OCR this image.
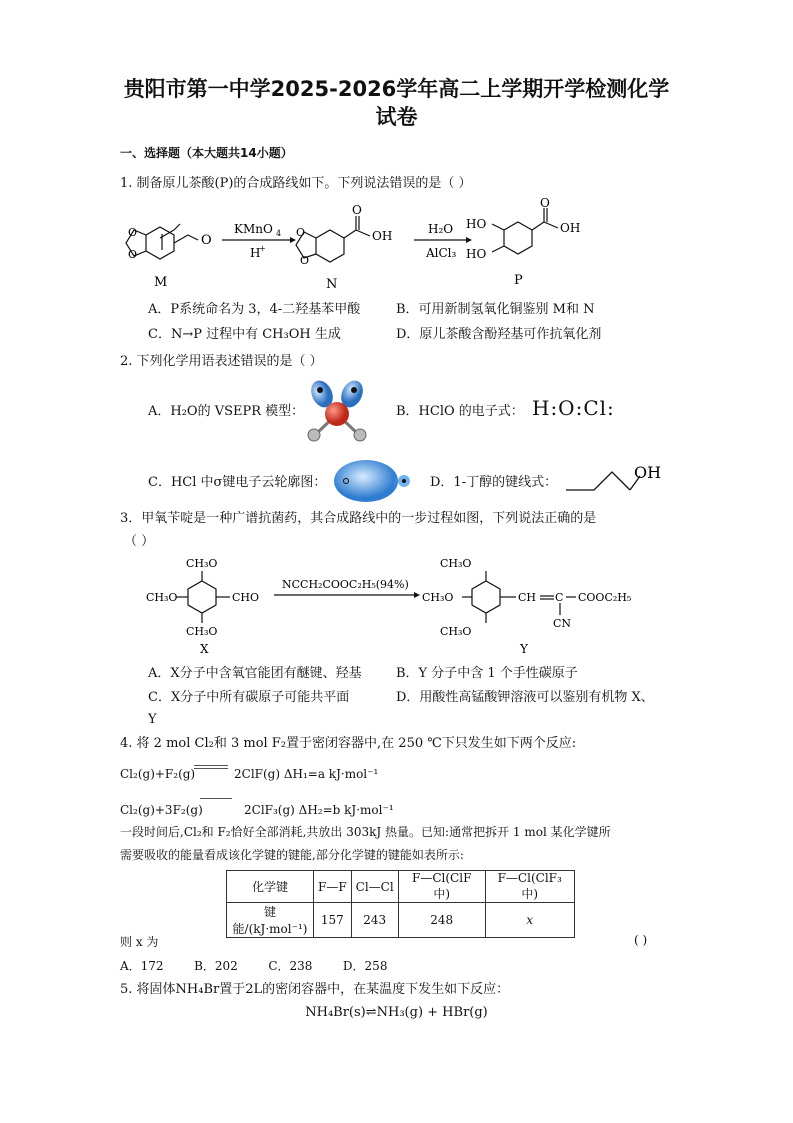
贵阳市第一中学2025-2026学年高二上学期开学检测化学
试卷
一、选择题（本大题共14小题）
1. 制备原儿茶酸(P)的合成路线如下。下列说法错误的是（ ）
O
O
O
M
KMnO 4
H
+
O
OH
O
O
N
H₂O
AlCl₃
O
OH
HO
HO
P
A．P系统命名为 3，4-二羟基苯甲酸	B．可用新制氢氧化铜鉴别 M和 N
C．N→P 过程中有 CH₃OH 生成	D．原儿茶酸含酚羟基可作抗氧化剂
2. 下列化学用语表述错误的是（ ）
A．H₂O的 VSEPR 模型：	B．HClO 的电子式： H:O:Cl:
C．HCl 中σ键电子云轮廓图：	D．1-丁醇的键线式：
OH
3．甲氧苄啶是一种广谱抗菌药，其合成路线中的一步过程如图，下列说法正确的是
（ ）
CH₃O
CH₃O
CH₃O
CHO
X
NCCH₂COOC₂H₅(94%)
CH₃O
CH₃O
CH₃O
CH C COOC₂H₅
CN
Y
A．X分子中含氧官能团有醚键、羟基	B．Y 分子中含 1 个手性碳原子
C．X分子中所有碳原子可能共平面	D．用酸性高锰酸钾溶液可以鉴别有机物 X、
Y
4. 将 2 mol Cl₂和 3 mol F₂置于密闭容器中,在 250 ℃下只发生如下两个反应:
Cl₂(g)+F₂(g)	2ClF(g) ΔH₁=a kJ·mol⁻¹
Cl₂(g)+3F₂(g)	2ClF₃(g) ΔH₂=b kJ·mol⁻¹
一段时间后,Cl₂和 F₂恰好全部消耗,共放出 303kJ 热量。已知:通常把拆开 1 mol 某化学键所
需要吸收的能量看成该化学键的键能,部分化学键的键能如表所示:
化学键	F—F	Cl—Cl	F—Cl(ClF 中)	F—Cl(ClF₃ 中)
键能/(kJ·mol⁻¹)	157	243	248	x
则 x 为	( )
A．172        B．202        C．238        D．258
5. 将固体NH₄Br置于2L的密闭容器中，在某温度下发生如下反应：
NH₄Br(s)⇌NH₃(g) + HBr(g)
